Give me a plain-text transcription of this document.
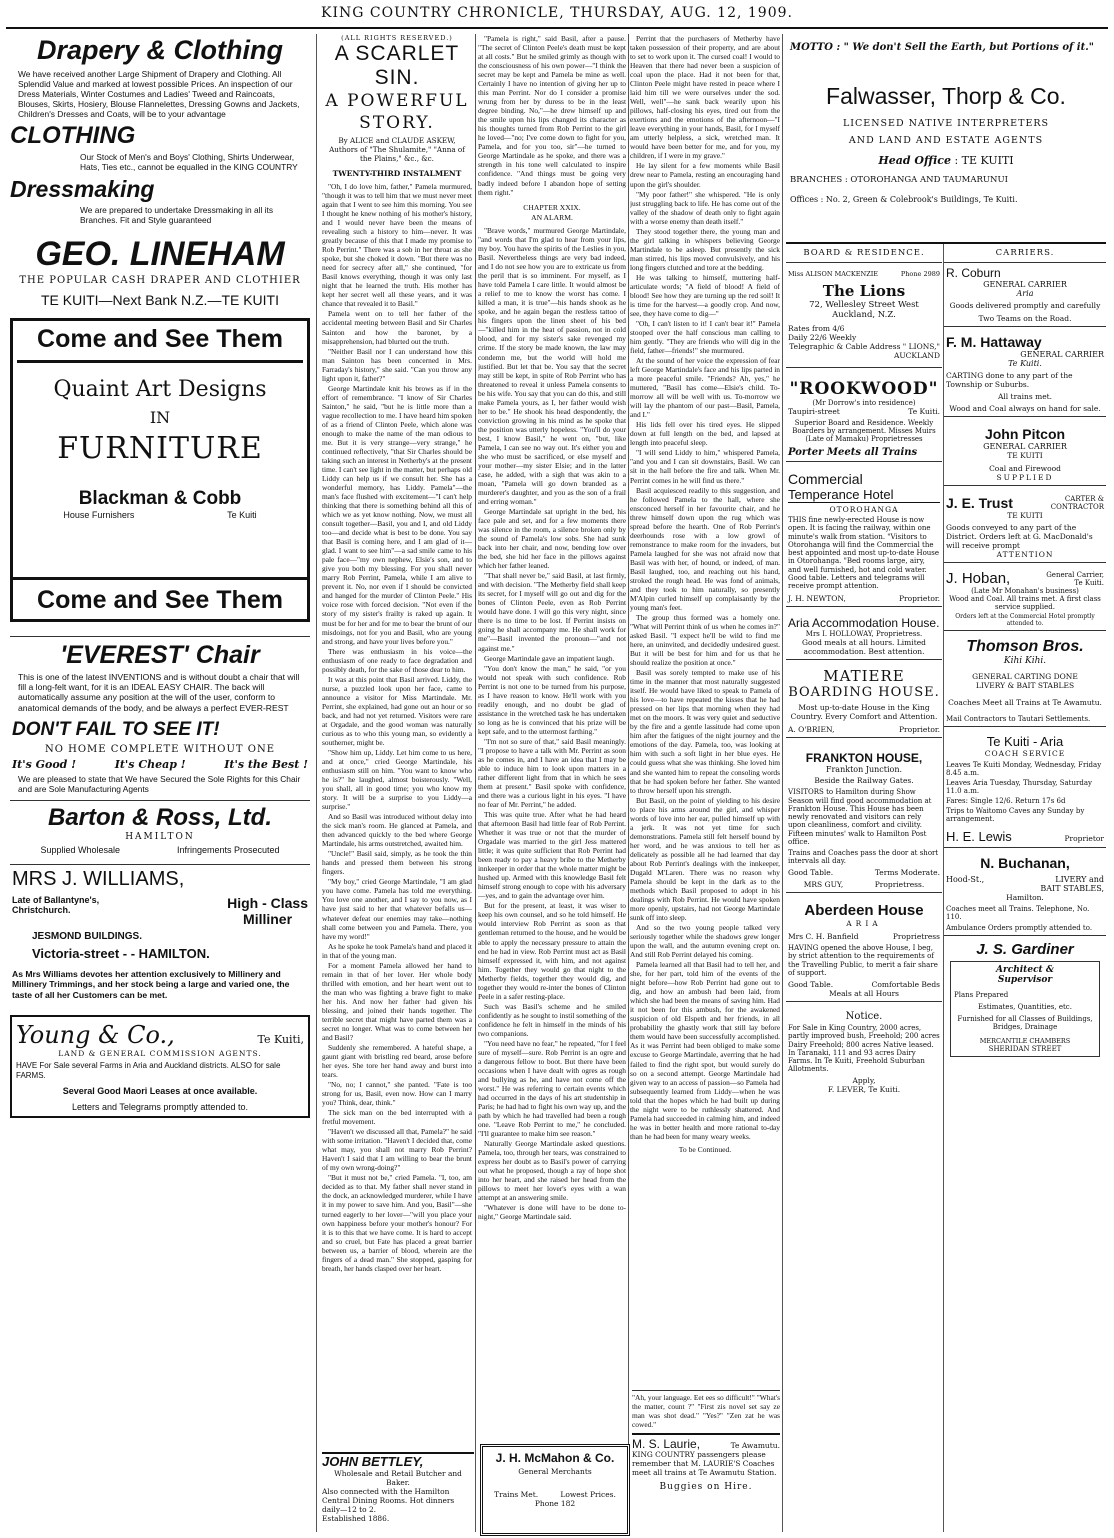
KING COUNTRY CHRONICLE, THURSDAY, AUG. 12, 1909.
Drapery & Clothing
We have received another Large Shipment of Drapery and Clothing. All Splendid Value and marked at lowest possible Prices. An inspection of our Dress Materials, Winter Costumes and Ladies' Tweed and Raincoats, Blouses, Skirts, Hosiery, Blouse Flannelettes, Dressing Gowns and Jackets, Children's Dresses and Coats, will be to your advantage
CLOTHING
Our Stock of Men's and Boys' Clothing, Shirts Underwear, Hats, Ties etc., cannot be equalled in the KING COUNTRY
Dressmaking
We are prepared to undertake Dressmaking in all its Branches. Fit and Style guaranteed
GEO. LINEHAM
THE POPULAR CASH DRAPER AND CLOTHIER
TE KUITI—Next Bank N.Z.—TE KUITI
Come and See Them
Quaint Art Designs
IN
FURNITURE
Blackman & Cobb
House Furnishers	Te Kuiti
Come and See Them
'EVEREST' Chair
This is one of the latest INVENTIONS and is without doubt a chair that will fill a long-felt want, for it is an IDEAL EASY CHAIR. The back will automatically assume any position at the will of the user, conform to anatomical demands of the body, and be always a perfect EVER-REST
DON'T FAIL TO SEE IT!
NO HOME COMPLETE WITHOUT ONE
It's Good !	It's Cheap !	It's the Best !
We are pleased to state that We have Secured the Sole Rights for this Chair and are Sole Manufacturing Agents
Barton & Ross, Ltd.
HAMILTON
Supplied Wholesale	Infringements Prosecuted
MRS J. WILLIAMS,
Late of Ballantyne's, Christchurch.	High - Class
Milliner
JESMOND BUILDINGS.
Victoria-street - - HAMILTON.
As Mrs Williams devotes her attention exclusively to Millinery and Millinery Trimmings, and her stock being a large and varied one, the taste of all her Customers can be met.
Young & Co.,	Te Kuiti,
LAND & GENERAL COMMISSION AGENTS.
HAVE For Sale several Farms in Aria and Auckland districts. ALSO for sale FARMS.
Several Good Maori Leases at once available.
Letters and Telegrams promptly attended to.
(ALL RIGHTS RESERVED.)
A SCARLET SIN.
A POWERFUL
STORY.
By ALICE and CLAUDE ASKEW, Authors of "The Shulamite," "Anna of the Plains," &c., &c.
TWENTY-THIRD INSTALMENT

"Oh, I do love him, father," Pamela murmured, "though it was to tell him that we must never meet again that I went to see him this morning. You see I thought he knew nothing of his mother's history, and I would never have been the means of revealing such a history to him—never. It was greatly because of this that I made my promise to Rob Perrint." There was a sob in her throat as she spoke, but she choked it down. "But there was no need for secrecy after all," she continued, "for Basil knows everything, though it was only last night that he learned the truth. His mother has kept her secret well all these years, and it was chance that revealed it to Basil."

Pamela went on to tell her father of the accidental meeting between Basil and Sir Charles Sainton and how the baronet, by a misapprehension, had blurted out the truth.

"Neither Basil nor I can understand how this man Sainton has been concerned in Mrs. Farraday's history," she said. "Can you throw any light upon it, father?"

George Martindale knit his brows as if in the effort of remembrance. "I know of Sir Charles Sainton," he said, "but he is little more than a vague recollection to me. I have heard him spoken of as a friend of Clinton Peele, which alone was enough to make the name of the man odious to me. But it is very strange—very strange," he continued reflectively, "that Sir Charles should be taking such an interest in Netherby's at the present time. I can't see light in the matter, but perhaps old Liddy can help us if we consult her. She has a wonderful memory, has Liddy. Pamela"—the man's face flushed with excitement—"I can't help thinking that there is something behind all this of which we as yet know nothing. Now, we must all consult together—Basil, you and I, and old Liddy too—and decide what is best to be done. You say that Basil is coming here, and I am glad of it—glad. I want to see him"—a sad smile came to his pale face—"my own nephew, Elsie's son, and to give you both my blessing. For you shall never marry Rob Perrint, Pamela, while I am alive to prevent it. No, nor even if I should be convicted and hanged for the murder of Clinton Peele." His voice rose with forced decision. "Not even if the story of my sister's frailty is raked up again. It must be for her and for me to bear the brunt of our misdoings, not for you and Basil, who are young and strong, and have your lives before you."

There was enthusiasm in his voice—the enthusiasm of one ready to face degradation and possibly death, for the sake of those dear to him.

It was at this point that Basil arrived. Liddy, the nurse, a puzzled look upon her face, came to announce a visitor for Miss Martindale. Mr. Perrint, she explained, had gone out an hour or so back, and had not yet returned. Visitors were rare at Orgadale, and the good woman was naturally curious as to who this young man, so evidently a southerner, might be.

"Show him up, Liddy. Let him come to us here, and at once," cried George Martindale, his enthusiasm still on him. "You want to know who he is?" he laughed, almost boisterously. "Well, you shall, all in good time; you who know my story. It will be a surprise to you Liddy—a surprise."

And so Basil was introduced without delay into the sick man's room. He glanced at Pamela, and then advanced quickly to the bed where George Martindale, his arms outstretched, awaited him.

"Uncle!" Basil said, simply, as he took the thin hands and pressed them between his strong fingers.

"My boy," cried George Martindale, "I am glad you have come. Pamela has told me everything. You love one another, and I say to you now, as I have just said to her that whatever befalls us—whatever defeat our enemies may take—nothing shall come between you and Pamela. There, you have my word!"

As he spoke he took Pamela's hand and placed it in that of the young man.

For a moment Pamela allowed her hand to remain in that of her lover. Her whole body thrilled with emotion, and her heart went out to the man who was fighting a brave fight to make her his. And now her father had given his blessing, and joined their hands together. The terrible secret that might have parted them was a secret no longer. What was to come between her and Basil?

Suddenly she remembered. A hateful shape, a gaunt giant with bristling red beard, arose before her eyes. She tore her hand away and burst into tears.

"No, no; I cannot," she panted. "Fate is too strong for us, Basil, even now. How can I marry you? Think, dear, think."

The sick man on the bed interrupted with a fretful movement.

"Haven't we discussed all that, Pamela?" he said with some irritation. "Haven't I decided that, come what may, you shall not marry Rob Perrint? Haven't I said that I am willing to bear the brunt of my own wrong-doing?"

"But it must not be," cried Pamela. "I, too, am decided as to that. My father shall never stand in the dock, an acknowledged murderer, while I have it in my power to save him. And you, Basil"—she turned eagerly to her lover—"will you place your own happiness before your mother's honour? For it is to this that we have come. It is hard to accept and so cruel, but Fate has placed a great barrier between us, a barrier of blood, wherein are the fingers of a dead man." She stopped, gasping for breath, her hands clasped over her heart.

JOHN BETTLEY,
Wholesale and Retail Butcher and Baker.
Also connected with the Hamilton Central Dining Rooms. Hot dinners daily—12 to 2.
Established 1886.

"Pamela is right," said Basil, after a pause. "The secret of Clinton Peele's death must be kept at all costs." But he smiled grimly as though with the consciousness of his own power—"I think the secret may be kept and Pamela be mine as well. Certainly I have no intention of giving her up to this man Perrint. Nor do I consider a promise wrung from her by duress to be in the least degree binding. No,"—he drew himself up and the smile upon his lips changed its character as his thoughts turned from Rob Perrint to the girl he loved—"no; I've come down to fight for you, Pamela, and for you too, sir"—he turned to George Martindale as he spoke, and there was a strength in his tone well calculated to inspire confidence. "And things must be going very badly indeed before I abandon hope of setting them right."

CHAPTER XXIX.
AN ALARM.

"Brave words," murmured George Martindale, "and words that I'm glad to hear from your lips, my boy. You have the spirits of the Leslies in you, Basil. Nevertheless things are very bad indeed, and I do not see how you are to extricate us from the peril that is so imminent. For myself, as I have told Pamela I care little. It would almost be a relief to me to know the worst has come. I killed a man, it is true"—his hands shook as he spoke, and he again began the restless tattoo of his fingers upon the linen sheet of his bed—"killed him in the heat of passion, not in cold blood, and for my sister's sake revenged my crime. If the story be made known, the law may condemn me, but the world will hold me justified. But let that be. You say that the secret may still be kept, in spite of Rob Perrint who has threatened to reveal it unless Pamela consents to be his wife. You say that you can do this, and still make Pamela yours, as I, her father would wish her to be." He shook his head despondently, the conviction growing in his mind as he spoke that the position was utterly hopeless. "You'll do your best, I know Basil," he went on, "but, like Pamela, I can see no way out. It's either you and she who must be sacrificed, or else myself and your mother—my sister Elsie; and in the latter case, he added, with a sigh that was akin to a moan, "Pamela will go down branded as a murderer's daughter, and you as the son of a frail and erring woman."

George Martindale sat upright in the bed, his face pale and set, and for a few moments there was silence in the room, a silence broken only by the sound of Pamela's low sobs. She had sunk back into her chair, and now, bending low over the bed, she hid her face in the pillows against which her father leaned.

"That shall never be," said Basil, at last firmly, and with decision. "The Metherby field shall keep its secret, for I myself will go out and dig for the bones of Clinton Peele, even as Rob Perrint would have done. I will go this very night, since there is no time to be lost. If Perrint insists on going he shall accompany me. He shall work for me"—Basil invented the pronoun—"and not against me."

George Martindale gave an impatient laugh.

"You don't know the man," he said, "or you would not speak with such confidence. Rob Perrint is not one to be turned from his purpose, as I have reason to know. He'll work with you readily enough, and no doubt be glad of assistance in the wretched task he has undertaken so long as he is convinced that his prize will be kept safe, and to the uttermost farthing."

"I'm not so sure of that," said Basil meaningly. "I propose to have a talk with Mr. Perrint as soon as he comes in, and I have an idea that I may be able to induce him to look upon matters in a rather different light from that in which he sees them at present." Basil spoke with confidence, and there was a curious light in his eyes. "I have no fear of Mr. Perrint," he added.

This was quite true. After what he had heard that afternoon Basil had little fear of Rob Perrint. Whether it was true or not that the murder of Orgadale was married to the girl Jess mattered little; it was quite sufficient that Rob Perrint had been ready to pay a heavy bribe to the Metherby innkeeper in order that the whole matter might be hushed up. Armed with this knowledge Basil felt himself strong enough to cope with his adversary—yes, and to gain the advantage over him.

But for the present, at least, it was wiser to keep his own counsel, and so he told himself. He would interview Rob Perrint as soon as that gentleman returned to the house, and he would be able to apply the necessary pressure to attain the end he had in view. Rob Perrint must act as Basil himself expressed it, with him, and not against him. Together they would go that night to the Metherby fields, together they would dig, and together they would re-inter the bones of Clinton Peele in a safer resting-place.

Such was Basil's scheme and he smiled confidently as he sought to instil something of the confidence he felt in himself in the minds of his two companions.

"You need have no fear," he repeated, "for I feel sure of myself—sure. Rob Perrint is an ogre and a dangerous fellow to boot. But there have been occasions when I have dealt with ogres as rough and bullying as he, and have not come off the worst." He was referring to certain events which had occurred in the days of his art studentship in Paris; he had had to fight his own way up, and the path by which he had travelled had been a rough one. "Leave Rob Perrint to me," he concluded. "I'll guarantee to make him see reason."

Naturally George Martindale asked questions. Pamela, too, through her tears, was constrained to express her doubt as to Basil's power of carrying out what he proposed, though a ray of hope shot into her heart, and she raised her head from the pillows to meet her lover's eyes with a wan attempt at an answering smile.

"Whatever is done will have to be done to-night," George Martindale said.

J. H. McMahon & Co.
General Merchants
Trains Met.	Lowest Prices.
Phone 182

Perrint that the purchasers of Metherby have taken possession of their property, and are about to set to work upon it. The cursed coal! I would to Heaven that there had never been a suspicion of coal upon the place. Had it not been for that, Clinton Peele might have rested in peace where I laid him till we were ourselves under the sod. Well, well"—he sank back wearily upon his pillows, half-closing his eyes, tired out from the exertions and the emotions of the afternoon—"I leave everything in your hands, Basil, for I myself am utterly helpless, a sick, wretched man. It would have been better for me, and for you, my children, if I were in my grave."

He lay silent for a few moments while Basil drew near to Pamela, resting an encouraging hand upon the girl's shoulder.

"My poor father!" she whispered. "He is only just struggling back to life. He has come out of the valley of the shadow of death only to fight again with a worse enemy than death itself."

They stood together there, the young man and the girl talking in whispers believing George Martindale to be asleep. But presently the sick man stirred, his lips moved convulsively, and his long fingers clutched and tore at the bedding.

He was talking to himself, muttering half-articulate words; "A field of blood! A field of blood! See how they are turning up the red soil! It is time for the harvest—a goodly crop. And now, see, they have come to dig—"

"Oh, I can't listen to it! I can't bear it!" Pamela stooped over the half conscious man calling to him gently. "They are friends who will dig in the field, father—friends!" she murmured.

At the sound of her voice the expression of fear left George Martindale's face and his lips parted in a more peaceful smile. "Friends? Ah, yes," he muttered, "Basil has come—Elsie's child. To-morrow all will be well with us. To-morrow we will lay the phantom of our past—Basil, Pamela, and I."

His lids fell over his tired eyes. He slipped down at full length on the bed, and lapsed at length into peaceful sleep.

"I will send Liddy to him," whispered Pamela, "and you and I can sit downstairs, Basil. We can sit in the hall before the fire and talk. When Mr. Perrint comes in he will find us there."

Basil acquiesced readily to this suggestion, and he followed Pamela to the hall, where she ensconced herself in her favourite chair, and he threw himself down upon the rug which was spread before the hearth. One of Rob Perrint's deerhounds rose with a low growl of remonstrance to make room for the invaders, but Pamela laughed for she was not afraid now that Basil was with her, of hound, or indeed, of man. Basil laughed, too, and reaching out his hand, stroked the rough head. He was fond of animals, and they took to him naturally, so presently M'Alpin curled himself up complaisantly by the young man's feet.

The group thus formed was a homely one. "What will Perrint think of us when he comes in?" asked Basil. "I expect he'll be wild to find me here, an uninvited, and decidedly undesired guest. But it will be best for him and for us that he should realize the position at once."

Basil was sorely tempted to make use of his time in the manner that most naturally suggested itself. He would have liked to speak to Pamela of his love—to have repeated the kisses that he had pressed on her lips that morning when they had met on the moors. It was very quiet and seductive by the fire and a gentle lassitude had come upon him after the fatigues of the night journey and the emotions of the day. Pamela, too, was looking at him with such a soft light in her blue eyes. He could guess what she was thinking. She loved him and she wanted him to repeat the consoling words that he had spoken before her father. She wanted to throw herself upon his strength.

But Basil, on the point of yielding to his desire to place his arms around the girl, and whisper words of love into her ear, pulled himself up with a jerk. It was not yet time for such demonstrations. Pamela still felt herself bound by her word, and he was anxious to tell her as delicately as possible all he had learned that day about Rob Perrint's dealings with the innkeeper, Dugald M'Laren. There was no reason why Pamela should be kept in the dark as to the methods which Basil proposed to adopt in his dealings with Rob Perrint. He would have spoken more openly, upstairs, had not George Martindale sunk off into sleep.

And so the two young people talked very seriously together while the shadows grew longer upon the wall, and the autumn evening crept on. And still Rob Perrint delayed his coming.

Pamela learned all that Basil had to tell her, and she, for her part, told him of the events of the night before—how Rob Perrint had gone out to dig, and how an ambush had been laid, from which she had been the means of saving him. Had it not been for this ambush, for the awakened suspicion of old Elspeth and her friends, in all probability the ghastly work that still lay before them would have been successfully accomplished. As it was Perrint had been obliged to make some excuse to George Martindale, averring that he had failed to find the right spot, but would surely do so on a second attempt. George Martindale had given way to an access of passion—so Pamela had subsequently learned from Liddy—when he was told that the hopes which he had built up during the night were to be ruthlessly shattered. And Pamela had succeeded in calming him, and indeed he was in better health and more rational to-day than he had been for many weary weeks.

To be Continued.
"Ah, your language. Eet ees so difficult!" "What's the matter, count ?" "First zis novel set say ze man was shot dead." "Yes?" "Zen zat he was cowed."
M. S. Laurie,	Te Awamutu.
KING COUNTRY passengers please remember that M. LAURIE'S Coaches meet all trains at Te Awamutu Station.
Buggies on Hire.
MOTTO : " We don't Sell the Earth, but Portions of it."
Falwasser, Thorp & Co.
LICENSED NATIVE INTERPRETERS
AND LAND AND ESTATE AGENTS
Head Office : TE KUITI
BRANCHES : OTOROHANGA AND TAUMARUNUI
Offices : No. 2, Green & Colebrook's Buildings, Te Kuiti.
BOARD & RESIDENCE.
Miss ALISON MACKENZIE	Phone 2989
The Lions
72, Wellesley Street West
Auckland, N.Z.
Rates from 4/6 Daily 22/6 Weekly
Telegraphic & Cable Address " LIONS," AUCKLAND
"ROOKWOOD"
(Mr Dorrow's into residence)
Taupiri-street	Te Kuiti.
Superior Board and Residence. Weekly Boarders by arrangement. Misses Muirs (Late of Mamaku) Proprietresses
Porter Meets all Trains
Commercial
Temperance Hotel
OTOROHANGA
THIS fine newly-erected House is now open. It is facing the railway, within one minute's walk from station. "Visitors to Otorohanga will find the Commercial the best appointed and most up-to-date House in Otorohanga. "Bed rooms large, airy, and well furnished, hot and cold water. Good table. Letters and telegrams will receive prompt attention.
J. H. NEWTON,	Proprietor.
Aria Accommodation House.
Mrs I. HOLLOWAY, Proprietress.
Good meals at all hours. Limited accommodation. Best attention.
MATIERE
BOARDING HOUSE.
Most up-to-date House in the King Country. Every Comfort and Attention.
A. O'BRIEN,	Proprietor.
FRANKTON HOUSE,
Frankton Junction.
Beside the Railway Gates.
VISITORS to Hamilton during Show Season will find good accommodation at Frankton House. This House has been newly renovated and visitors can rely upon cleanliness, comfort and civility. Fifteen minutes' walk to Hamilton Post office.
Trains and Coaches pass the door at short intervals all day.
Good Table.	Terms Moderate.
MRS GUY,	Proprietress.
Aberdeen House
ARIA
Mrs C. H. Banfield	Proprietress
HAVING opened the above House, I beg, by strict attention to the requirements of the Travelling Public, to merit a fair share of support.
Good Table.	Comfortable Beds
Meals at all Hours
Notice.
For Sale in King Country, 2000 acres, partly improved bush, Freehold; 200 acres Dairy Freehold; 800 acres Native leased. In Taranaki, 111 and 93 acres Dairy Farms. In Te Kuiti, Freehold Suburban Allotments.
Apply,
F. LEVER, Te Kuiti.
CARRIERS.
R. Coburn
GENERAL CARRIER
Aria
Goods delivered promptly and carefully
Two Teams on the Road.
F. M. Hattaway
GENERAL CARRIER
Te Kuiti.
CARTING done to any part of the Township or Suburbs.
All trains met.
Wood and Coal always on hand for sale.
John Pitcon
GENERAL CARRIER
TE KUITI
Coal and Firewood
SUPPLIED
J. E. Trust	CARTER &
CONTRACTOR
TE KUITI
Goods conveyed to any part of the District. Orders left at G. MacDonald's will receive prompt
ATTENTION
J. Hoban,	General Carrier, Te Kuiti.
(Late Mr Monahan's business)
Wood and Coal. All trains met. A first class service supplied.
Orders left at the Commercial Hotel promptly attended to.
Thomson Bros.
Kihi Kihi.
GENERAL CARTING DONE
LIVERY & BAIT STABLES
Coaches Meet all Trains at Te Awamutu.
Mail Contractors to Tautari Settlements.
Te Kuiti - Aria
COACH SERVICE
Leaves Te Kuiti Monday, Wednesday, Friday 8.45 a.m.
Leaves Aria Tuesday, Thursday, Saturday 11.0 a.m.
Fares: Single 12/6. Return 17s 6d
Trips to Waitomo Caves any Sunday by arrangement.
H. E. Lewis	Proprietor
N. Buchanan,
Hood-St.,	LIVERY and
BAIT STABLES,
Hamilton.
Coaches meet all Trains. Telephone, No. 110.
Ambulance Orders promptly attended to.
J. S. Gardiner
Architect &
Supervisor
Plans Prepared
Estimates, Quantities, etc.
Furnished for all Classes of Buildings, Bridges, Drainage
MERCANTILE CHAMBERS
SHERIDAN STREET
